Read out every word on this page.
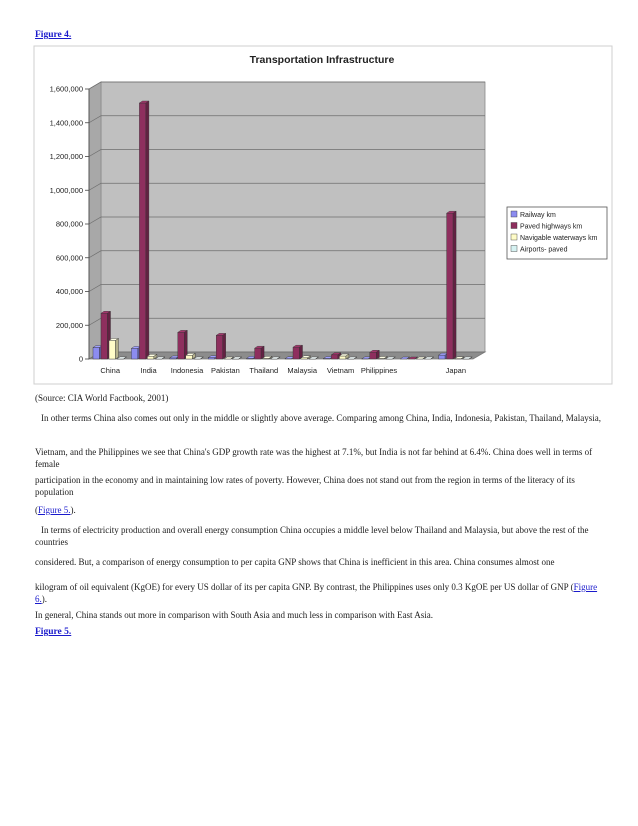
Figure 4.
Transportation Infrastructure
0
200,000
400,000
600,000
800,000
1,000,000
1,200,000
1,400,000
1,600,000
China	India Indonesia Pakistan Thailand Malaysia Vietnam Philippines	Japan
Railway km
Paved highways km
Navigable waterways km
Airports- paved

(Source: CIA World Factbook, 2001)

In other terms China also comes out only in the middle or slightly above average. Comparing among China, India, Indonesia, Pakistan, Thailand, Malaysia,

Vietnam, and the Philippines we see that China's GDP growth rate was the highest at 7.1%, but India is not far behind at 6.4%. China does well in terms of female

participation in the economy and in maintaining low rates of poverty. However, China does not stand out from the region in terms of the literacy of its population

(Figure 5.).

In terms of electricity production and overall energy consumption China occupies a middle level below Thailand and Malaysia, but above the rest of the countries

considered. But, a comparison of energy consumption to per capita GNP shows that China is inefficient in this area. China consumes almost one

kilogram of oil equivalent (KgOE) for every US dollar of its per capita GNP. By contrast, the Philippines uses only 0.3 KgOE per US dollar of GNP (Figure 6.).

In general, China stands out more in comparison with South Asia and much less in comparison with East Asia.

Figure 5.
